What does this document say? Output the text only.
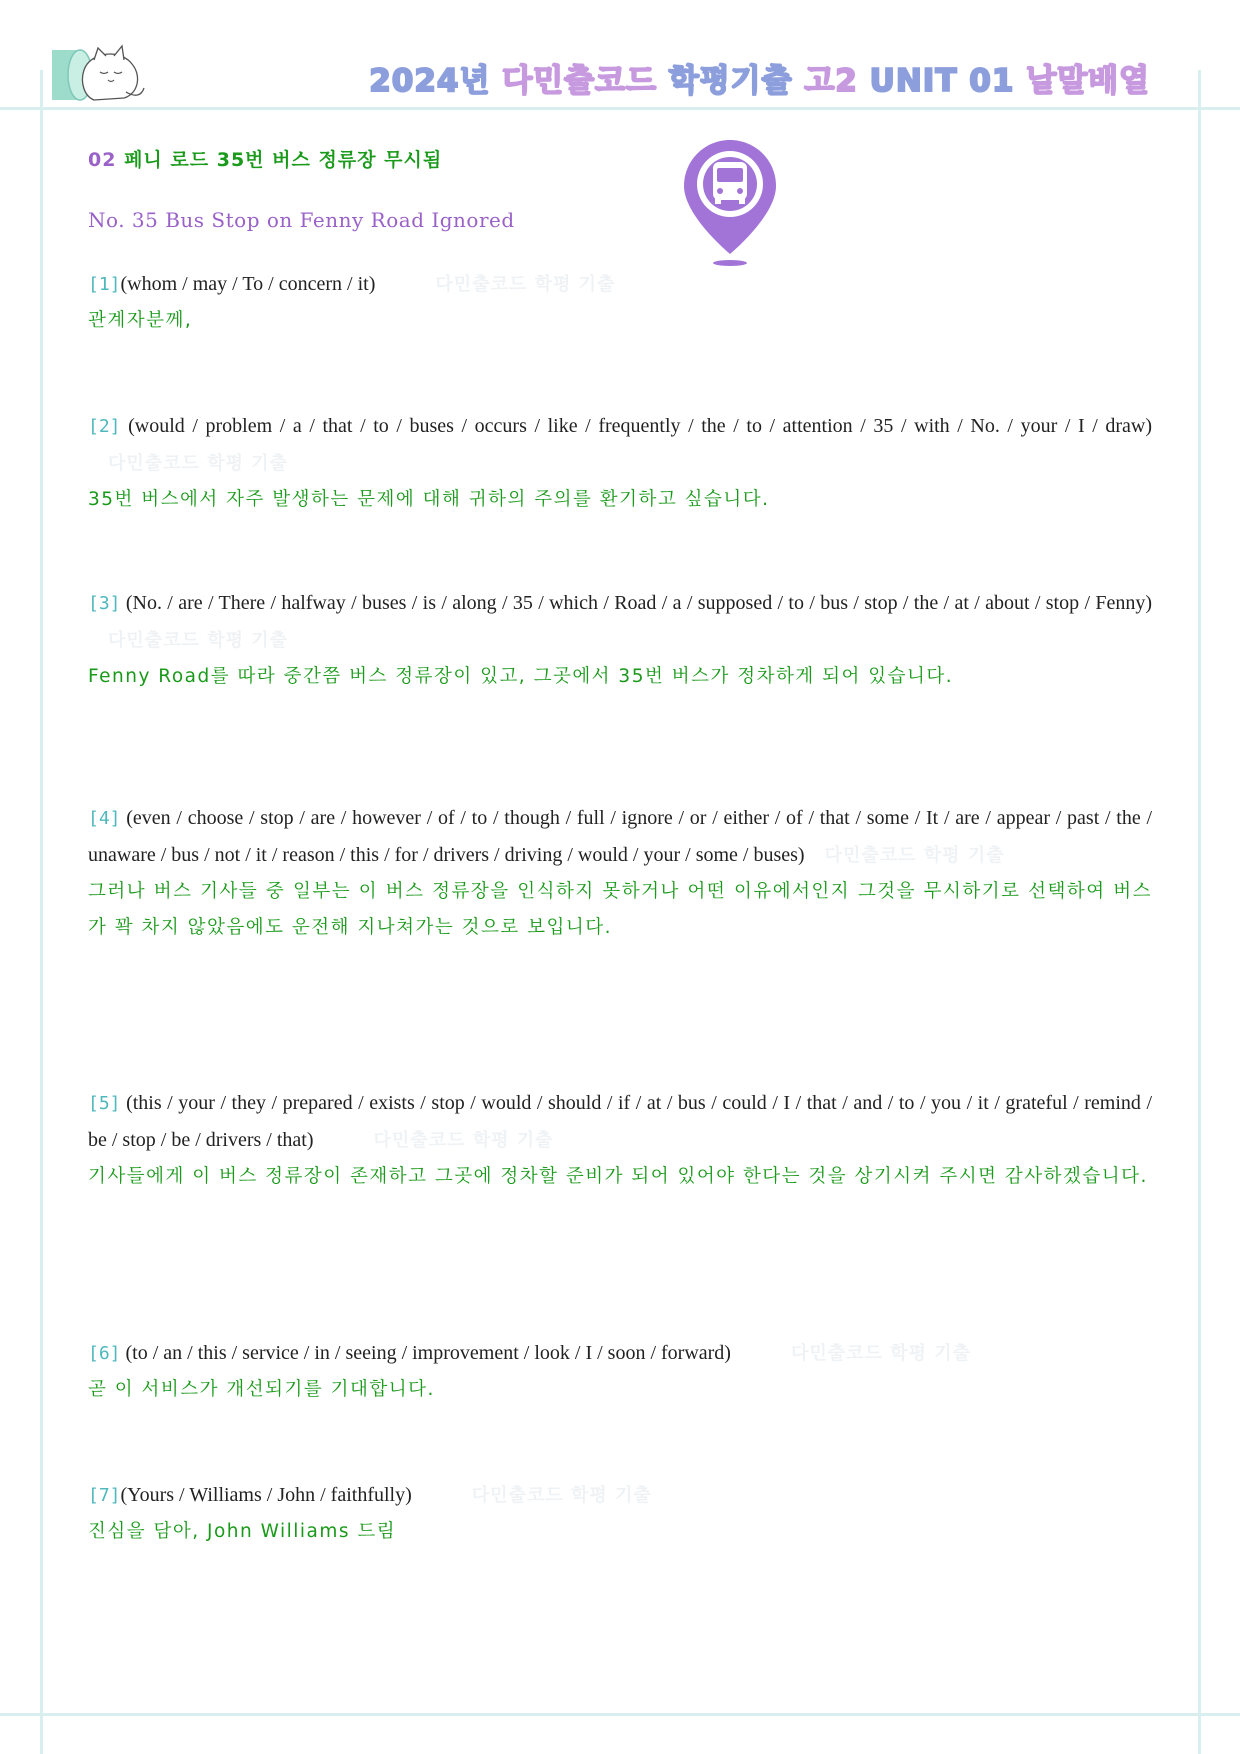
2024년 다민출코드 학평기출 고2 UNIT 01 낱말배열
02 페니 로드 35번 버스 정류장 무시됨
No. 35 Bus Stop on Fenny Road Ignored
[1](whom / may / To / concern / it)	다민출코드 학평 기출
관계자분께,
[2] (would / problem / a / that / to / buses / occurs / like / frequently / the / to / attention / 35 / with / No. / your / I / draw)다민출코드 학평 기출
35번 버스에서 자주 발생하는 문제에 대해 귀하의 주의를 환기하고 싶습니다.
[3] (No. / are / There / halfway / buses / is / along / 35 / which / Road / a / supposed / to / bus / stop / the / at / about / stop / Fenny)다민출코드 학평 기출
Fenny Road를 따라 중간쯤 버스 정류장이 있고, 그곳에서 35번 버스가 정차하게 되어 있습니다.
[4] (even / choose / stop / are / however / of / to / though / full / ignore / or / either / of / that / some / It / are / appear / past / the / unaware / bus / not / it / reason / this / for / drivers / driving / would / your / some / buses) 다민출코드 학평 기출
그러나 버스 기사들 중 일부는 이 버스 정류장을 인식하지 못하거나 어떤 이유에서인지 그것을 무시하기로 선택하여 버스가 꽉 차지 않았음에도 운전해 지나쳐가는 것으로 보입니다.
[5] (this / your / they / prepared / exists / stop / would / should / if / at / bus / could / I / that / and / to / you / it / grateful / remind / be / stop / be / drivers / that)	다민출코드 학평 기출
기사들에게 이 버스 정류장이 존재하고 그곳에 정차할 준비가 되어 있어야 한다는 것을 상기시켜 주시면 감사하겠습니다.
[6] (to / an / this / service / in / seeing / improvement / look / I / soon / forward)	다민출코드 학평 기출
곧 이 서비스가 개선되기를 기대합니다.
[7](Yours / Williams / John / faithfully)	다민출코드 학평 기출
진심을 담아, John Williams 드림
